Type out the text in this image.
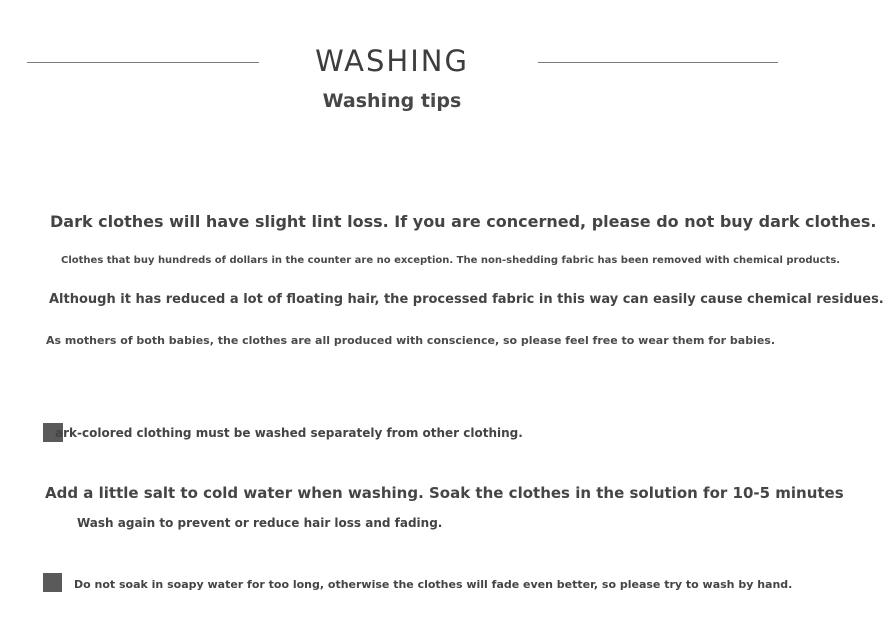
WASHING
Washing tips
Dark clothes will have slight lint loss. If you are concerned, please do not buy dark clothes.
Clothes that buy hundreds of dollars in the counter are no exception. The non-shedding fabric has been removed with chemical products.
Although it has reduced a lot of floating hair, the processed fabric in this way can easily cause chemical residues.
As mothers of both babies, the clothes are all produced with conscience, so please feel free to wear them for babies.
ark-colored clothing must be washed separately from other clothing.
Add a little salt to cold water when washing. Soak the clothes in the solution for 10-5 minutes
Wash again to prevent or reduce hair loss and fading.
Do not soak in soapy water for too long, otherwise the clothes will fade even better, so please try to wash by hand.
